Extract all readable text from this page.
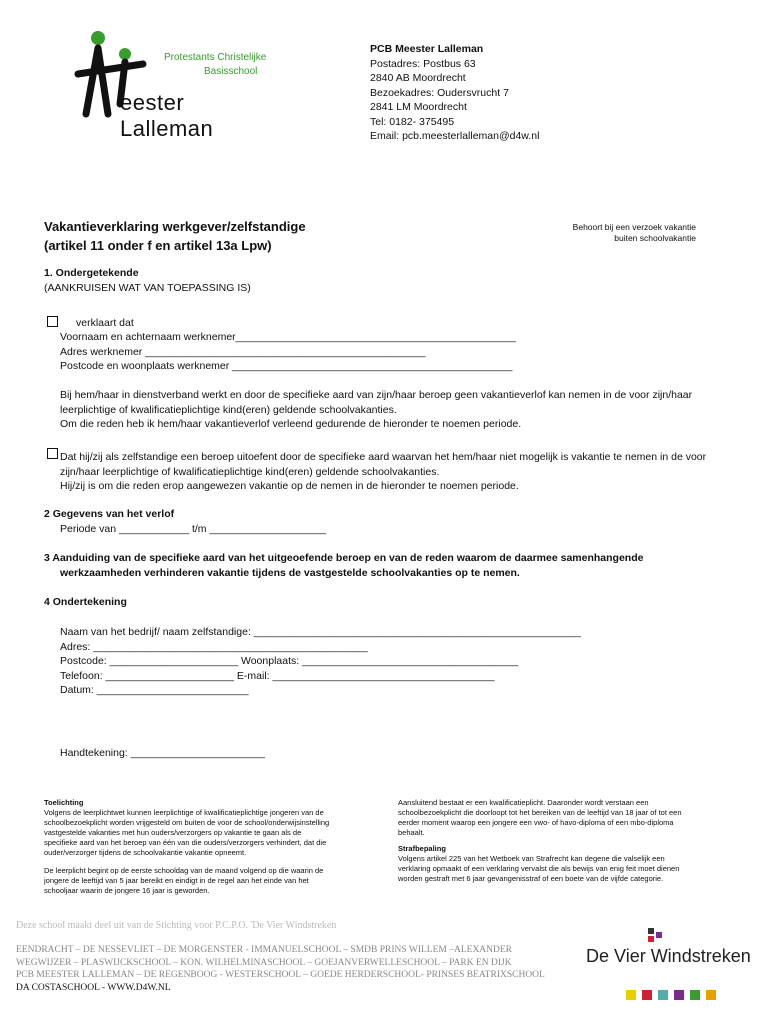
Protestants Christelijke
Basisschool
eester Lalleman
PCB Meester Lalleman
Postadres: Postbus 63
2840 AB Moordrecht
Bezoekadres: Oudersvrucht 7
2841 LM Moordrecht
Tel: 0182- 375495
Email: pcb.meesterlalleman@d4w.nl
Vakantieverklaring werkgever/zelfstandige
(artikel 11 onder f en artikel 13a Lpw)
Behoort bij een verzoek vakantie
buiten schoolvakantie
1. Ondergetekende
(AANKRUISEN WAT VAN TOEPASSING IS)
verklaart dat
Voornaam en achternaam werknemer________________________________________________
Adres werknemer ________________________________________________
Postcode en woonplaats werknemer ________________________________________________
Bij hem/haar in dienstverband werkt en door de specifieke aard van zijn/haar beroep geen vakantieverlof kan nemen in de voor zijn/haar
leerplichtige of kwalificatieplichtige kind(eren) geldende schoolvakanties.
Om die reden heb ik hem/haar vakantieverlof verleend gedurende de hieronder te noemen periode.
Dat hij/zij als zelfstandige een beroep uitoefent door de specifieke aard waarvan het hem/haar niet mogelijk is vakantie te nemen in de voor
zijn/haar leerplichtige of kwalificatieplichtige kind(eren) geldende schoolvakanties.
Hij/zij is om die reden erop aangewezen vakantie op de nemen in de hieronder te noemen periode.
2 Gegevens van het verlof
Periode van ____________ t/m ____________________
3 Aanduiding van de specifieke aard van het uitgeoefende beroep en van de reden waarom de daarmee samenhangende
werkzaamheden verhinderen vakantie tijdens de vastgestelde schoolvakanties op te nemen.
4 Ondertekening
Naam van het bedrijf/ naam zelfstandige: ________________________________________________________
Adres: _______________________________________________
Postcode: ______________________ Woonplaats: _____________________________________
Telefoon: ______________________ E-mail: ______________________________________
Datum: __________________________
Handtekening: _______________________
Toelichting
Volgens de leerplichtwet kunnen leerplichtige of kwalificatieplichtige jongeren van de
schoolbezoekplicht worden vrijgesteld om buiten de voor de school/onderwijsinstelling
vastgestelde vakanties met hun ouders/verzorgers op vakantie te gaan als de
specifieke aard van het beroep van één van die ouders/verzorgers verhindert, dat die
ouder/verzorger tijdens de schoolvakantie vakantie opneemt.
De leerplicht begint op de eerste schooldag van de maand volgend op die waarin de
jongere de leeftijd van 5 jaar bereikt en eindigt in de regel aan het einde van het
schooljaar waarin de jongere 16 jaar is geworden.
Aansluitend bestaat er een kwalificatieplicht. Daaronder wordt verstaan een
schoolbezoekplicht die doorloopt tot het bereiken van de leeftijd van 18 jaar of tot een
eerder moment waarop een jongere een vwo- of havo-diploma of een mbo-diploma
behaalt.
Strafbepaling
Volgens artikel 225 van het Wetboek van Strafrecht kan degene die valselijk een
verklaring opmaakt of een verklaring vervalst die als bewijs van enig feit moet dienen
worden gestraft met 6 jaar gevangenisstraf of een boete van de vijfde categorie.
Deze school maakt deel uit van de Stichting voor P.C.P.O. 'De Vier Windstreken
EENDRACHT – DE NESSEVLIET – DE MORGENSTER - IMMANUELSCHOOL – SMDB PRINS WILLEM –ALEXANDER
WEGWIJZER – PLASWIJCKSCHOOL – KON. WILHELMINASCHOOL – GOEJANVERWELLESCHOOL – PARK EN DIJK
PCB MEESTER LALLEMAN – DE REGENBOOG - WESTERSCHOOL – GOEDE HERDERSCHOOL- PRINSES BEATRIXSCHOOL
DA COSTASCHOOL - WWW.D4W.NL
De Vier Windstreken
